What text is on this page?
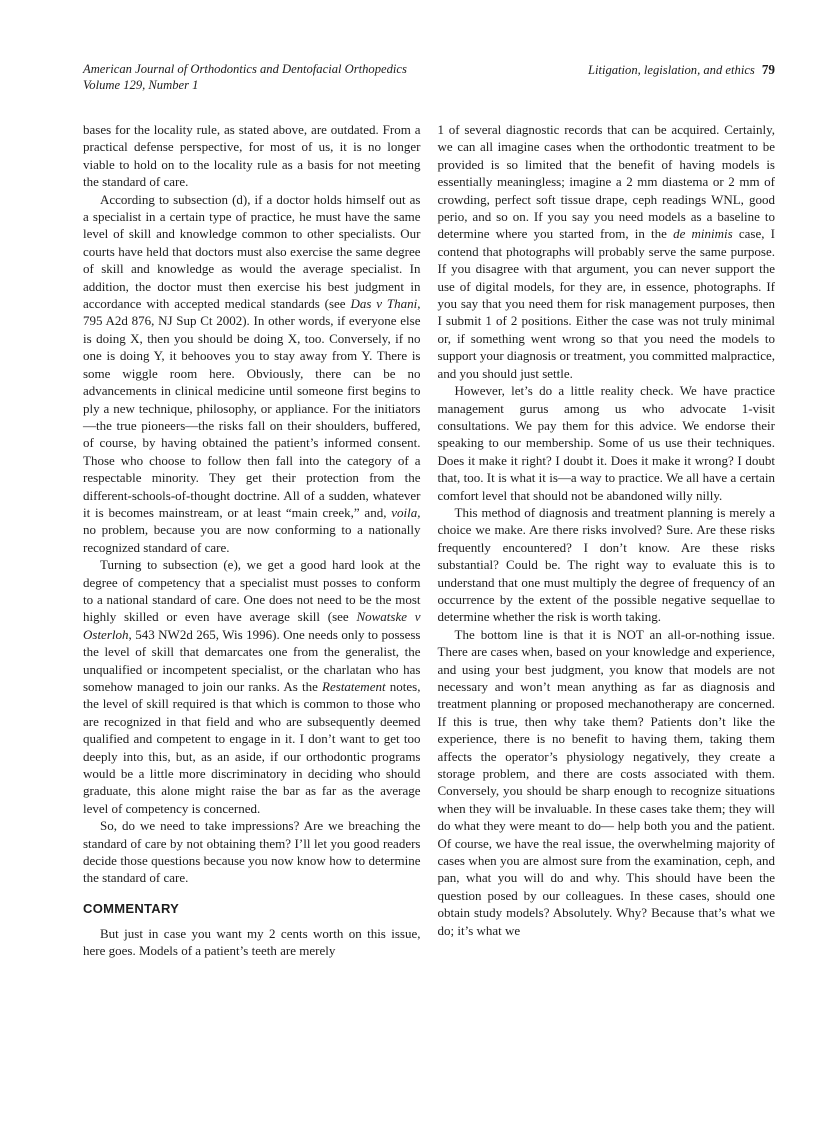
American Journal of Orthodontics and Dentofacial Orthopedics
Volume 129, Number 1
Litigation, legislation, and ethics 79

bases for the locality rule, as stated above, are outdated. From a practical defense perspective, for most of us, it is no longer viable to hold on to the locality rule as a basis for not meeting the standard of care.

According to subsection (d), if a doctor holds himself out as a specialist in a certain type of practice, he must have the same level of skill and knowledge common to other specialists. Our courts have held that doctors must also exercise the same degree of skill and knowledge as would the average specialist. In addition, the doctor must then exercise his best judgment in accordance with accepted medical standards (see Das v Thani, 795 A2d 876, NJ Sup Ct 2002). In other words, if everyone else is doing X, then you should be doing X, too. Conversely, if no one is doing Y, it behooves you to stay away from Y. There is some wiggle room here. Obviously, there can be no advancements in clinical medicine until someone first begins to ply a new technique, philosophy, or appliance. For the initiators—the true pioneers—the risks fall on their shoulders, buffered, of course, by having obtained the patient’s informed consent. Those who choose to follow then fall into the category of a respectable minority. They get their protection from the different-schools-of-thought doctrine. All of a sudden, whatever it is becomes mainstream, or at least “main creek,” and, voila, no problem, because you are now conforming to a nationally recognized standard of care.

Turning to subsection (e), we get a good hard look at the degree of competency that a specialist must posses to conform to a national standard of care. One does not need to be the most highly skilled or even have average skill (see Nowatske v Osterloh, 543 NW2d 265, Wis 1996). One needs only to possess the level of skill that demarcates one from the generalist, the unqualified or incompetent specialist, or the charlatan who has somehow managed to join our ranks. As the Restatement notes, the level of skill required is that which is common to those who are recognized in that field and who are subsequently deemed qualified and competent to engage in it. I don’t want to get too deeply into this, but, as an aside, if our orthodontic programs would be a little more discriminatory in deciding who should graduate, this alone might raise the bar as far as the average level of competency is concerned.

So, do we need to take impressions? Are we breaching the standard of care by not obtaining them? I’ll let you good readers decide those questions because you now know how to determine the standard of care.

COMMENTARY

But just in case you want my 2 cents worth on this issue, here goes. Models of a patient’s teeth are merely

1 of several diagnostic records that can be acquired. Certainly, we can all imagine cases when the orthodontic treatment to be provided is so limited that the benefit of having models is essentially meaningless; imagine a 2 mm diastema or 2 mm of crowding, perfect soft tissue drape, ceph readings WNL, good perio, and so on. If you say you need models as a baseline to determine where you started from, in the de minimis case, I contend that photographs will probably serve the same purpose. If you disagree with that argument, you can never support the use of digital models, for they are, in essence, photographs. If you say that you need them for risk management purposes, then I submit 1 of 2 positions. Either the case was not truly minimal or, if something went wrong so that you need the models to support your diagnosis or treatment, you committed malpractice, and you should just settle.

However, let’s do a little reality check. We have practice management gurus among us who advocate 1-visit consultations. We pay them for this advice. We endorse their speaking to our membership. Some of us use their techniques. Does it make it right? I doubt it. Does it make it wrong? I doubt that, too. It is what it is—a way to practice. We all have a certain comfort level that should not be abandoned willy nilly.

This method of diagnosis and treatment planning is merely a choice we make. Are there risks involved? Sure. Are these risks frequently encountered? I don’t know. Are these risks substantial? Could be. The right way to evaluate this is to understand that one must multiply the degree of frequency of an occurrence by the extent of the possible negative sequellae to determine whether the risk is worth taking.

The bottom line is that it is NOT an all-or-nothing issue. There are cases when, based on your knowledge and experience, and using your best judgment, you know that models are not necessary and won’t mean anything as far as diagnosis and treatment planning or proposed mechanotherapy are concerned. If this is true, then why take them? Patients don’t like the experience, there is no benefit to having them, taking them affects the operator’s physiology negatively, they create a storage problem, and there are costs associated with them. Conversely, you should be sharp enough to recognize situations when they will be invaluable. In these cases take them; they will do what they were meant to do— help both you and the patient. Of course, we have the real issue, the overwhelming majority of cases when you are almost sure from the examination, ceph, and pan, what you will do and why. This should have been the question posed by our colleagues. In these cases, should one obtain study models? Absolutely. Why? Because that’s what we do; it’s what we
